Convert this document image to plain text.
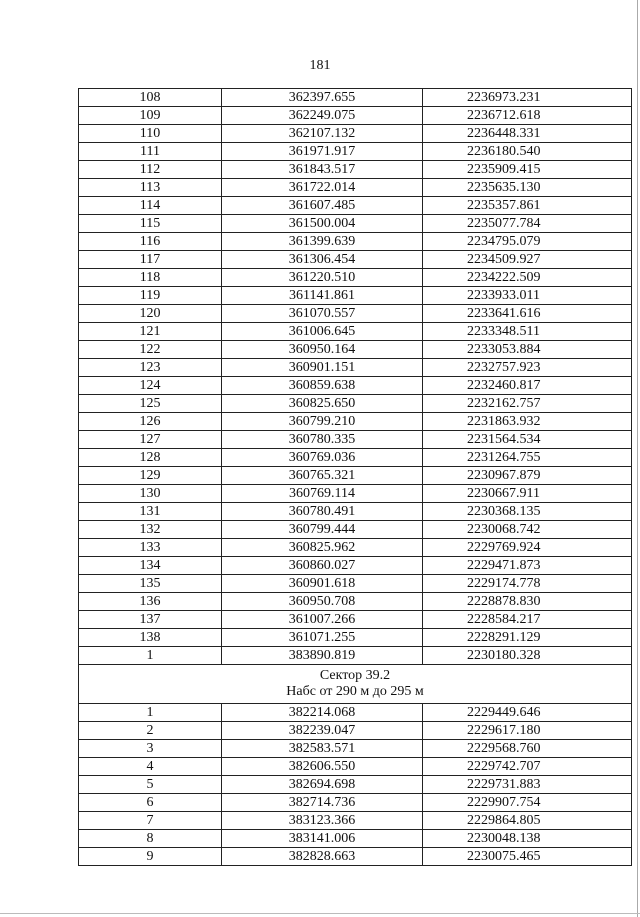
181
108	362397.655	2236973.231
109	362249.075	2236712.618
110	362107.132	2236448.331
111	361971.917	2236180.540
112	361843.517	2235909.415
113	361722.014	2235635.130
114	361607.485	2235357.861
115	361500.004	2235077.784
116	361399.639	2234795.079
117	361306.454	2234509.927
118	361220.510	2234222.509
119	361141.861	2233933.011
120	361070.557	2233641.616
121	361006.645	2233348.511
122	360950.164	2233053.884
123	360901.151	2232757.923
124	360859.638	2232460.817
125	360825.650	2232162.757
126	360799.210	2231863.932
127	360780.335	2231564.534
128	360769.036	2231264.755
129	360765.321	2230967.879
130	360769.114	2230667.911
131	360780.491	2230368.135
132	360799.444	2230068.742
133	360825.962	2229769.924
134	360860.027	2229471.873
135	360901.618	2229174.778
136	360950.708	2228878.830
137	361007.266	2228584.217
138	361071.255	2228291.129
1	383890.819	2230180.328

Сектор 39.2
Набс от 290 м до 295 м		

1	382214.068	2229449.646
2	382239.047	2229617.180
3	382583.571	2229568.760
4	382606.550	2229742.707
5	382694.698	2229731.883
6	382714.736	2229907.754
7	383123.366	2229864.805
8	383141.006	2230048.138
9	382828.663	2230075.465
